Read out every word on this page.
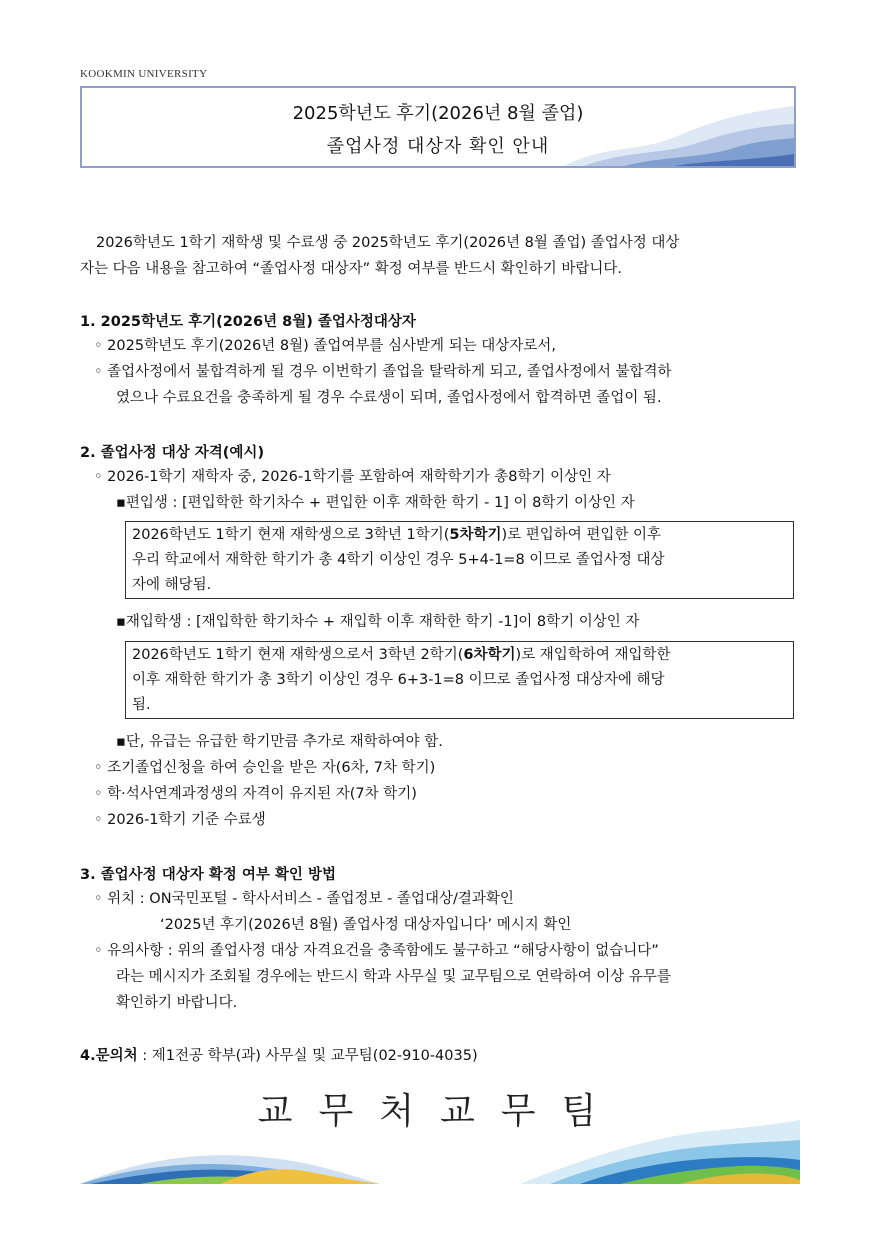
KOOKMIN UNIVERSITY
2025학년도 후기(2026년 8월 졸업)
졸업사정 대상자 확인 안내
2026학년도 1학기 재학생 및 수료생 중 2025학년도 후기(2026년 8월 졸업) 졸업사정 대상
자는 다음 내용을 참고하여 “졸업사정 대상자” 확정 여부를 반드시 확인하기 바랍니다.
1. 2025학년도 후기(2026년 8월) 졸업사정대상자
◦ 2025학년도 후기(2026년 8월) 졸업여부를 심사받게 되는 대상자로서,
◦ 졸업사정에서 불합격하게 될 경우 이번학기 졸업을 탈락하게 되고, 졸업사정에서 불합격하
였으나 수료요건을 충족하게 될 경우 수료생이 되며, 졸업사정에서 합격하면 졸업이 됨.
2. 졸업사정 대상 자격(예시)
◦ 2026-1학기 재학자 중, 2026-1학기를 포함하여 재학학기가 총8학기 이상인 자
▪편입생 : [편입학한 학기차수 + 편입한 이후 재학한 학기 - 1] 이 8학기 이상인 자
2026학년도 1학기 현재 재학생으로 3학년 1학기(5차학기)로 편입하여 편입한 이후
우리 학교에서 재학한 학기가 총 4학기 이상인 경우 5+4-1=8 이므로 졸업사정 대상
자에 해당됨.
▪재입학생 : [재입학한 학기차수 + 재입학 이후 재학한 학기 -1]이 8학기 이상인 자
2026학년도 1학기 현재 재학생으로서 3학년 2학기(6차학기)로 재입학하여 재입학한
이후 재학한 학기가 총 3학기 이상인 경우 6+3-1=8 이므로 졸업사정 대상자에 해당
됨.
▪단, 유급는 유급한 학기만큼 추가로 재학하여야 함.
◦ 조기졸업신청을 하여 승인을 받은 자(6차, 7차 학기)
◦ 학·석사연계과정생의 자격이 유지된 자(7차 학기)
◦ 2026-1학기 기준 수료생
3. 졸업사정 대상자 확정 여부 확인 방법
◦ 위치 : ON국민포털 - 학사서비스 - 졸업정보 - 졸업대상/결과확인
‘2025년 후기(2026년 8월) 졸업사정 대상자입니다’ 메시지 확인
◦ 유의사항 : 위의 졸업사정 대상 자격요건을 충족함에도 불구하고 “해당사항이 없습니다”
라는 메시지가 조회될 경우에는 반드시 학과 사무실 및 교무팀으로 연락하여 이상 유무를
확인하기 바랍니다.
4.문의처 : 제1전공 학부(과) 사무실 및 교무팀(02-910-4035)
교무처교무팀
